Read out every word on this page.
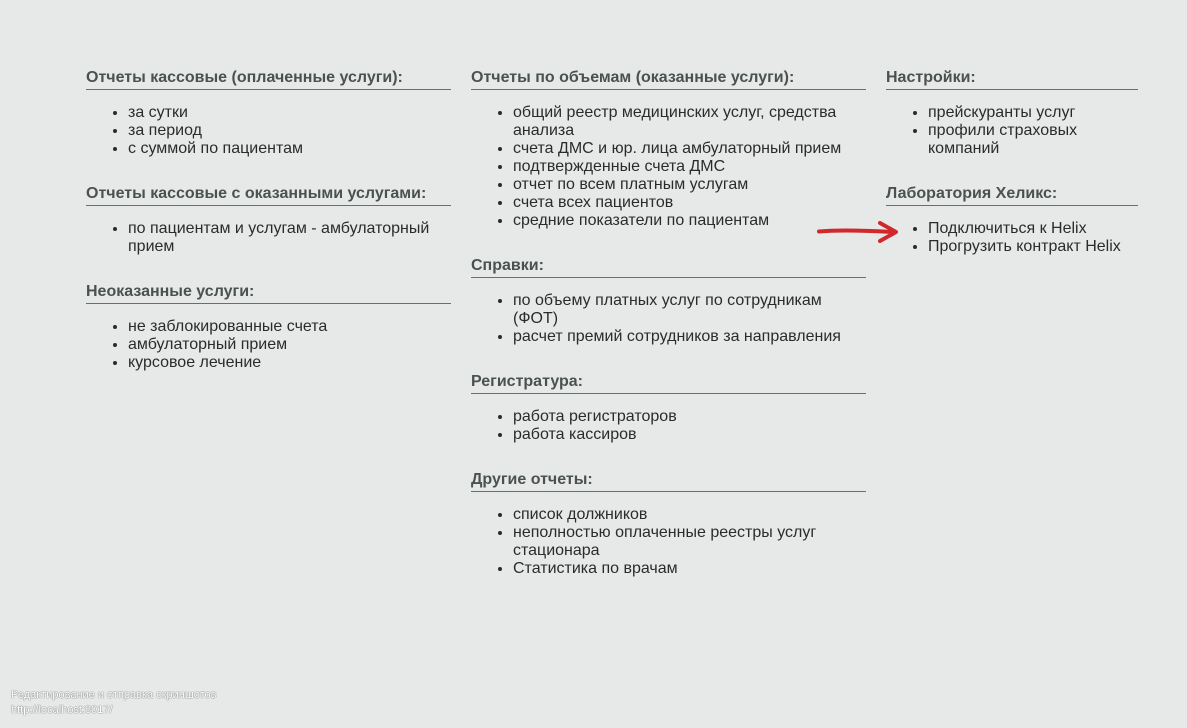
Отчеты кассовые (оплаченные услуги):
• за сутки
• за период
• с суммой по пациентам
Отчеты кассовые с оказанными услугами:
• по пациентам и услугам - амбулаторный прием
Неоказанные услуги:
• не заблокированные счета
• амбулаторный прием
• курсовое лечение
Отчеты по объемам (оказанные услуги):
• общий реестр медицинских услуг, средства анализа
• счета ДМС и юр. лица амбулаторный прием
• подтвержденные счета ДМС
• отчет по всем платным услугам
• счета всех пациентов
• средние показатели по пациентам
Справки:
• по объему платных услуг по сотрудникам (ФОТ)
• расчет премий сотрудников за направления
Регистратура:
• работа регистраторов
• работа кассиров
Другие отчеты:
• список должников
• неполностью оплаченные реестры услуг стационара
• Статистика по врачам
Настройки:
• прейскуранты услуг
• профили страховых компаний
Лаборатория Хеликс:
• Подключиться к Helix
• Прогрузить контракт Helix
Редактирование и отправка скриншотов
http://localhost:8017/
